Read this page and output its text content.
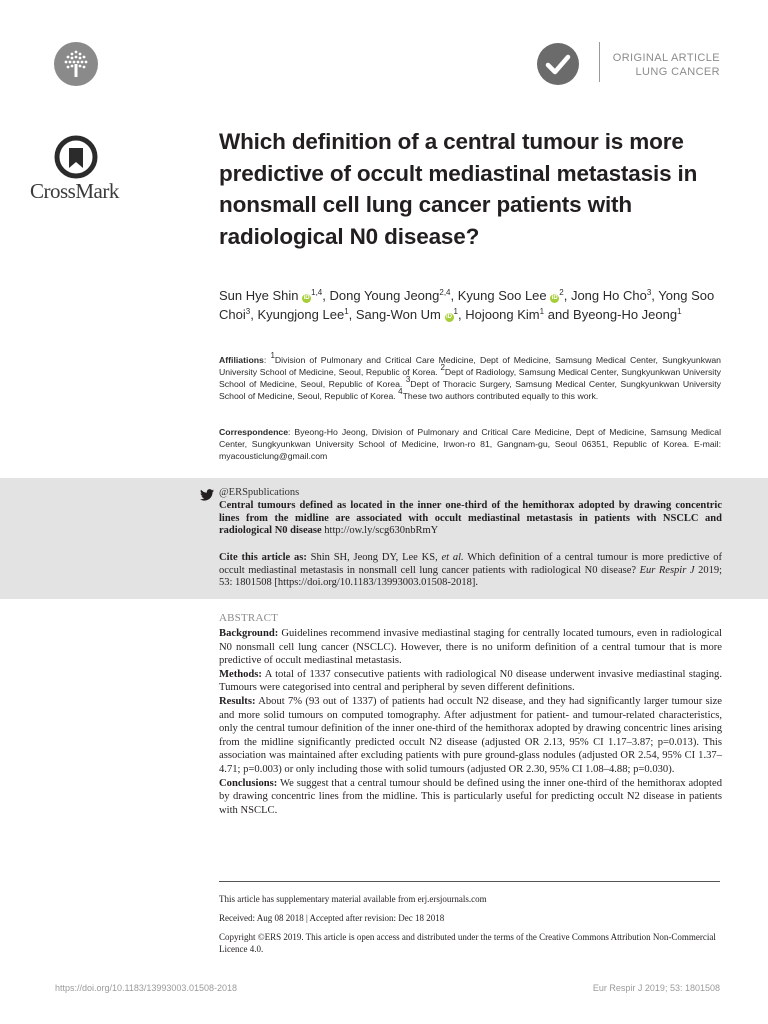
CrossMark
ORIGINAL ARTICLE
LUNG CANCER
Which definition of a central tumour is more predictive of occult mediastinal metastasis in nonsmall cell lung cancer patients with radiological N0 disease?
Sun Hye Shin iD$^{1,4}$, Dong Young Jeong$^{2,4}$, Kyung Soo Lee $iD^2$, Jong Ho Cho$^3$, Yong Soo Choi$^3$, Kyungjong Lee$^1$, Sang-Won Um $iD^1$, Hojoong Kim$^1$ and Byeong-Ho Jeong$^1$
Affiliations: $^1$Division of Pulmonary and Critical Care Medicine, Dept of Medicine, Samsung Medical Center, Sungkyunkwan University School of Medicine, Seoul, Republic of Korea. $^2$Dept of Radiology, Samsung Medical Center, Sungkyunkwan University School of Medicine, Seoul, Republic of Korea. $^3$Dept of Thoracic Surgery, Samsung Medical Center, Sungkyunkwan University School of Medicine, Seoul, Republic of Korea. $^4$These two authors contributed equally to this work.
Correspondence: Byeong-Ho Jeong, Division of Pulmonary and Critical Care Medicine, Dept of Medicine, Samsung Medical Center, Sungkyunkwan University School of Medicine, Irwon-ro 81, Gangnam-gu, Seoul 06351, Republic of Korea. E-mail: myacousticlung@gmail.com
@ERSpublications
Central tumours defined as located in the inner one-third of the hemithorax adopted by drawing concentric lines from the midline are associated with occult mediastinal metastasis in patients with NSCLC and radiological N0 disease http://ow.ly/scg630nbRmY
Cite this article as: Shin SH, Jeong DY, Lee KS, et al. Which definition of a central tumour is more predictive of occult mediastinal metastasis in nonsmall cell lung cancer patients with radiological N0 disease? Eur Respir J 2019; 53: 1801508 [https://doi.org/10.1183/13993003.01508-2018].
ABSTRACT

Background: Guidelines recommend invasive mediastinal staging for centrally located tumours, even in radiological N0 nonsmall cell lung cancer (NSCLC). However, there is no uniform definition of a central tumour that is more predictive of occult mediastinal metastasis.

Methods: A total of 1337 consecutive patients with radiological N0 disease underwent invasive mediastinal staging. Tumours were categorised into central and peripheral by seven different definitions.

Results: About 7% (93 out of 1337) of patients had occult N2 disease, and they had significantly larger tumour size and more solid tumours on computed tomography. After adjustment for patient- and tumour-related characteristics, only the central tumour definition of the inner one-third of the hemithorax adopted by drawing concentric lines arising from the midline significantly predicted occult N2 disease (adjusted OR 2.13, 95% CI 1.17–3.87; p=0.013). This association was maintained after excluding patients with pure ground-glass nodules (adjusted OR 2.54, 95% CI 1.37–4.71; p=0.003) or only including those with solid tumours (adjusted OR 2.30, 95% CI 1.08–4.88; p=0.030).

Conclusions: We suggest that a central tumour should be defined using the inner one-third of the hemithorax adopted by drawing concentric lines from the midline. This is particularly useful for predicting occult N2 disease in patients with NSCLC.

This article has supplementary material available from erj.ersjournals.com
Received: Aug 08 2018 | Accepted after revision: Dec 18 2018
Copyright ©ERS 2019. This article is open access and distributed under the terms of the Creative Commons Attribution Non-Commercial Licence 4.0.
https://doi.org/10.1183/13993003.01508-2018	Eur Respir J 2019; 53: 1801508
